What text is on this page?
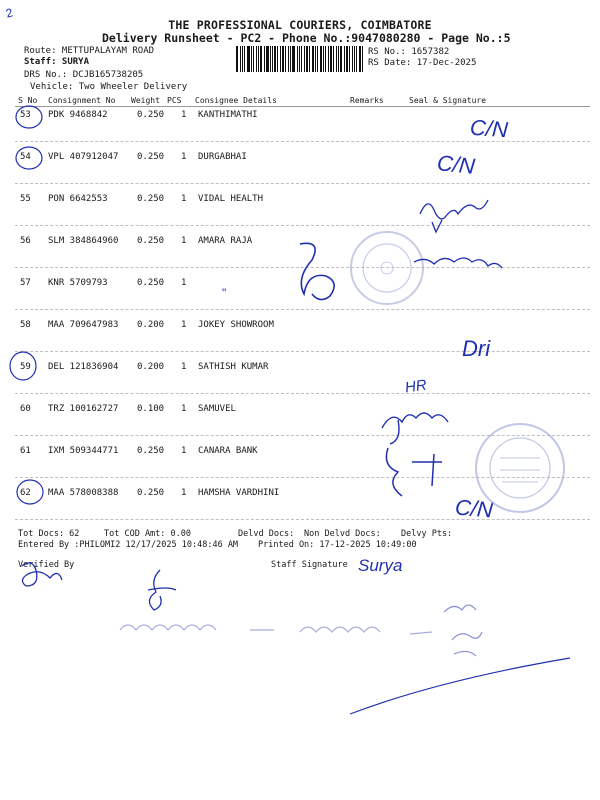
THE PROFESSIONAL COURIERS, COIMBATORE
Delivery Runsheet - PC2 - Phone No.:9047080280 - Page No.:5
Route: METTUPALAYAM ROAD
Staff: SURYA
DRS No.: DCJB165738205
Vehicle: Two Wheeler Delivery
RS No.: 1657382
RS Date: 17-Dec-2025
S No Consignment No Weight PCS Consignee Details	Remarks	Seal & Signature
53 PDK 9468842	0.250 1 KANTHIMATHI
54 VPL 407912047 0.250 1 DURGABHAI
55 PON 6642553	0.250 1 VIDAL HEALTH
56 SLM 384864960 0.250 1 AMARA RAJA
57 KNR 5709793	0.250 1
58 MAA 709647983 0.200 1 JOKEY SHOWROOM
59 DEL 121836904 0.200 1 SATHISH KUMAR
60 TRZ 100162727 0.100 1 SAMUVEL
61 IXM 509344771 0.250 1 CANARA BANK
62 MAA 578008388 0.250 1 HAMSHA VARDHINI
Tot Docs: 62	Tot COD Amt: 0.00	Delvd Docs: Non Delvd Docs: Delvy Pts:
Entered By :PHILOMI2 12/17/2025 10:48:46 AM Printed On: 17-12-2025 10:49:00
Verified By	Staff Signature
2
"
C/N
C/N
Dri
HR
C/N
Surya
